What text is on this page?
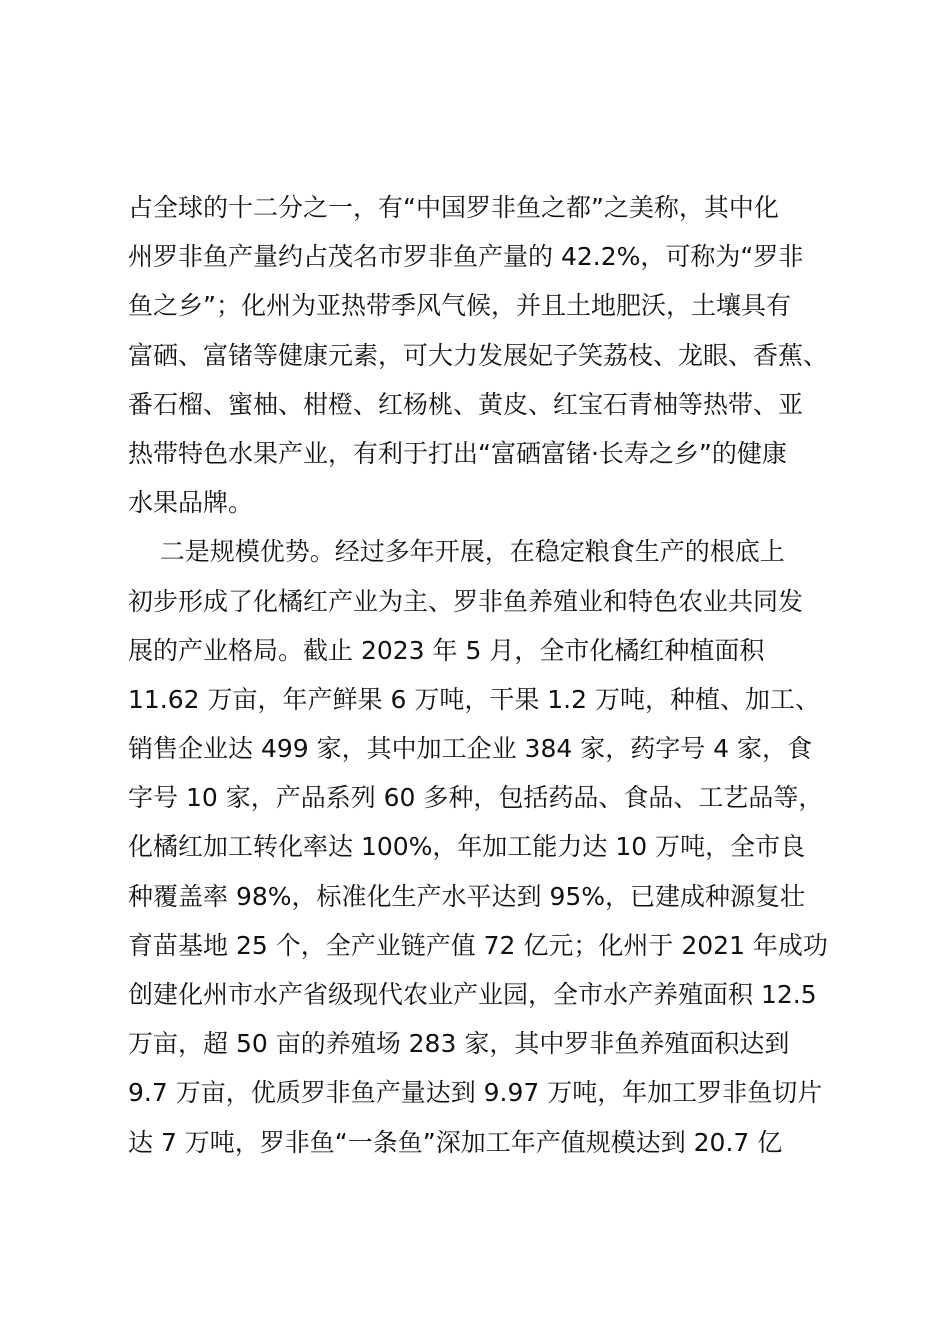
占全球的十二分之一，有“中国罗非鱼之都”之美称，其中化
州罗非鱼产量约占茂名市罗非鱼产量的 42.2%，可称为“罗非
鱼之乡”；化州为亚热带季风气候，并且土地肥沃，土壤具有
富硒、富锗等健康元素，可大力发展妃子笑荔枝、龙眼、香蕉、
番石榴、蜜柚、柑橙、红杨桃、黄皮、红宝石青柚等热带、亚
热带特色水果产业，有利于打出“富硒富锗·长寿之乡”的健康
水果品牌。
二是规模优势。经过多年开展，在稳定粮食生产的根底上
初步形成了化橘红产业为主、罗非鱼养殖业和特色农业共同发
展的产业格局。截止 2023 年 5 月，全市化橘红种植面积
11.62 万亩，年产鲜果 6 万吨，干果 1.2 万吨，种植、加工、
销售企业达 499 家，其中加工企业 384 家，药字号 4 家，食
字号 10 家，产品系列 60 多种，包括药品、食品、工艺品等，
化橘红加工转化率达 100%，年加工能力达 10 万吨，全市良
种覆盖率 98%，标准化生产水平达到 95%，已建成种源复壮
育苗基地 25 个，全产业链产值 72 亿元；化州于 2021 年成功
创建化州市水产省级现代农业产业园，全市水产养殖面积 12.5
万亩，超 50 亩的养殖场 283 家，其中罗非鱼养殖面积达到
9.7 万亩，优质罗非鱼产量达到 9.97 万吨，年加工罗非鱼切片
达 7 万吨，罗非鱼“一条鱼”深加工年产值规模达到 20.7 亿
